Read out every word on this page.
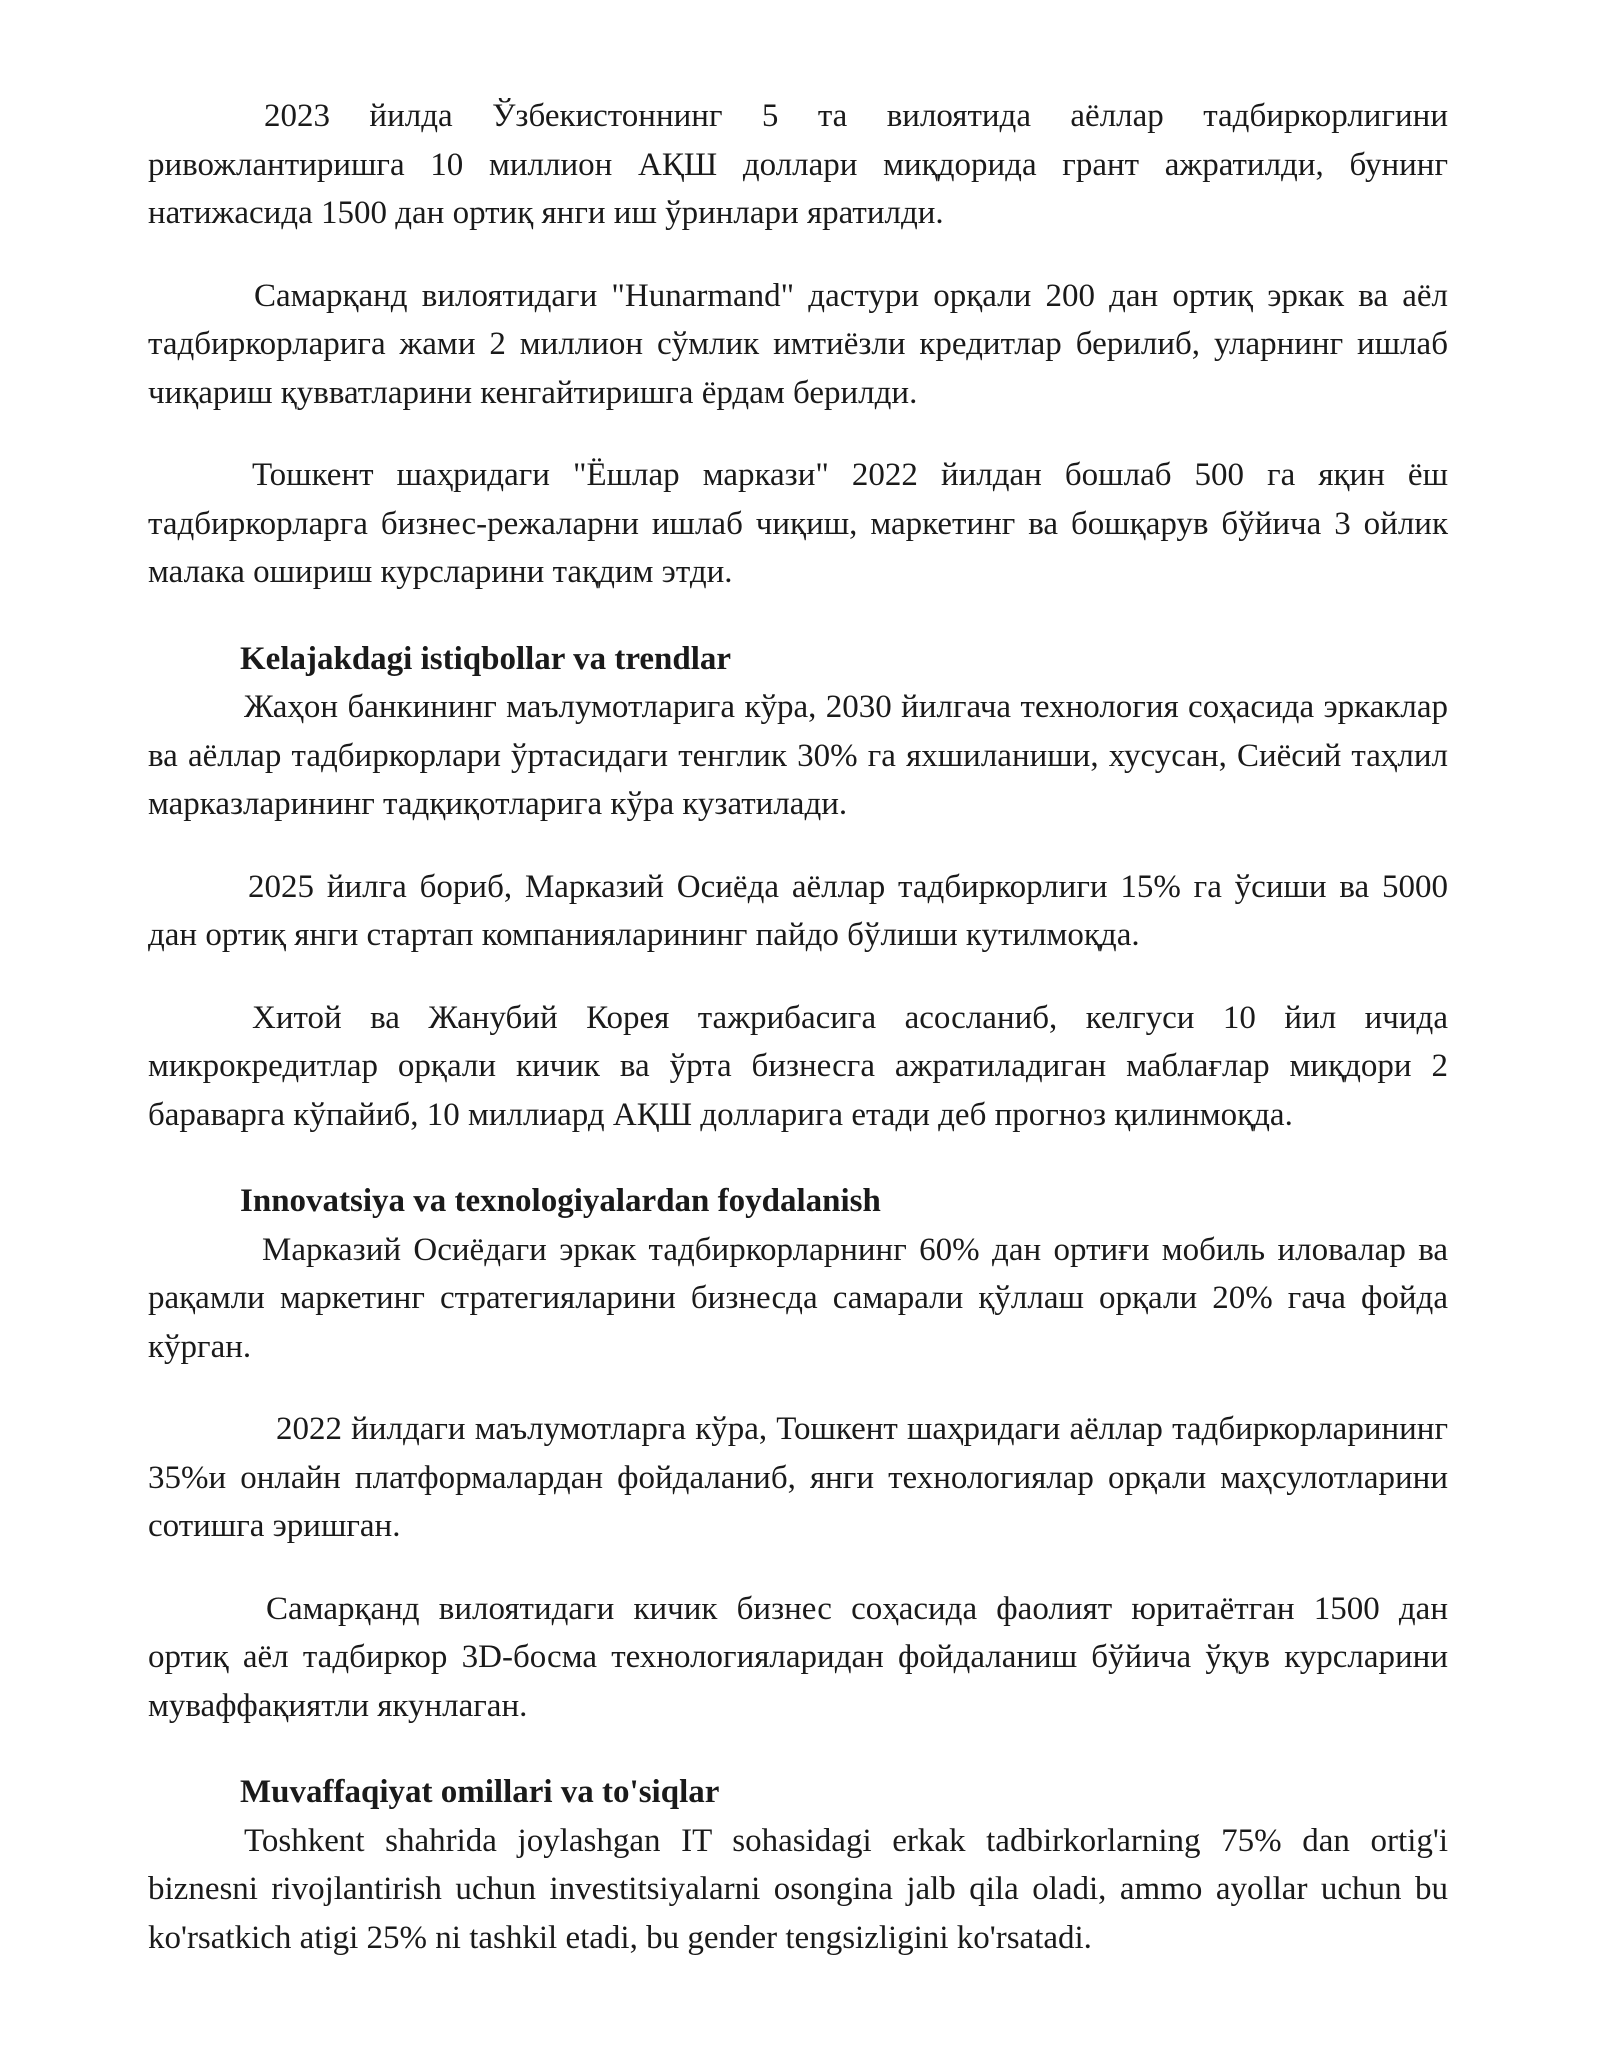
2023 йилда Ўзбекистоннинг 5 та вилоятида аёллар тадбиркорлигини ривожлантиришга 10 миллион АҚШ доллари миқдорида грант ажратилди, бунинг натижасида 1500 дан ортиқ янги иш ўринлари яратилди.

Самарқанд вилоятидаги "Hunarmand" дастури орқали 200 дан ортиқ эркак ва аёл тадбиркорларига жами 2 миллион сўмлик имтиёзли кредитлар берилиб, уларнинг ишлаб чиқариш қувватларини кенгайтиришга ёрдам берилди.

Тошкент шаҳридаги "Ёшлар маркази" 2022 йилдан бошлаб 500 га яқин ёш тадбиркорларга бизнес-режаларни ишлаб чиқиш, маркетинг ва бошқарув бўйича 3 ойлик малака ошириш курсларини тақдим этди.

Kelajakdagi istiqbollar va trendlar

Жаҳон банкининг маълумотларига кўра, 2030 йилгача технология соҳасида эркаклар ва аёллар тадбиркорлари ўртасидаги тенглик 30% га яхшиланиши, хусусан, Сиёсий таҳлил марказларининг тадқиқотларига кўра кузатилади.

2025 йилга бориб, Марказий Осиёда аёллар тадбиркорлиги 15% га ўсиши ва 5000 дан ортиқ янги стартап компанияларининг пайдо бўлиши кутилмоқда.

Хитой ва Жанубий Корея тажрибасига асосланиб, келгуси 10 йил ичида микрокредитлар орқали кичик ва ўрта бизнесга ажратиладиган маблағлар миқдори 2 бараварга кўпайиб, 10 миллиард АҚШ долларига етади деб прогноз қилинмоқда.

Innovatsiya va texnologiyalardan foydalanish

Марказий Осиёдаги эркак тадбиркорларнинг 60% дан ортиғи мобиль иловалар ва рақамли маркетинг стратегияларини бизнесда самарали қўллаш орқали 20% гача фойда кўрган.

2022 йилдаги маълумотларга кўра, Тошкент шаҳридаги аёллар тадбиркорларининг 35%и онлайн платформалардан фойдаланиб, янги технологиялар орқали маҳсулотларини сотишга эришган.

Самарқанд вилоятидаги кичик бизнес соҳасида фаолият юритаётган 1500 дан ортиқ аёл тадбиркор 3D-босма технологияларидан фойдаланиш бўйича ўқув курсларини муваффақиятли якунлаган.

Muvaffaqiyat omillari va to'siqlar

Toshkent shahrida joylashgan IT sohasidagi erkak tadbirkorlarning 75% dan ortig'i biznesni rivojlantirish uchun investitsiyalarni osongina jalb qila oladi, ammo ayollar uchun bu ko'rsatkich atigi 25% ni tashkil etadi, bu gender tengsizligini ko'rsatadi.
